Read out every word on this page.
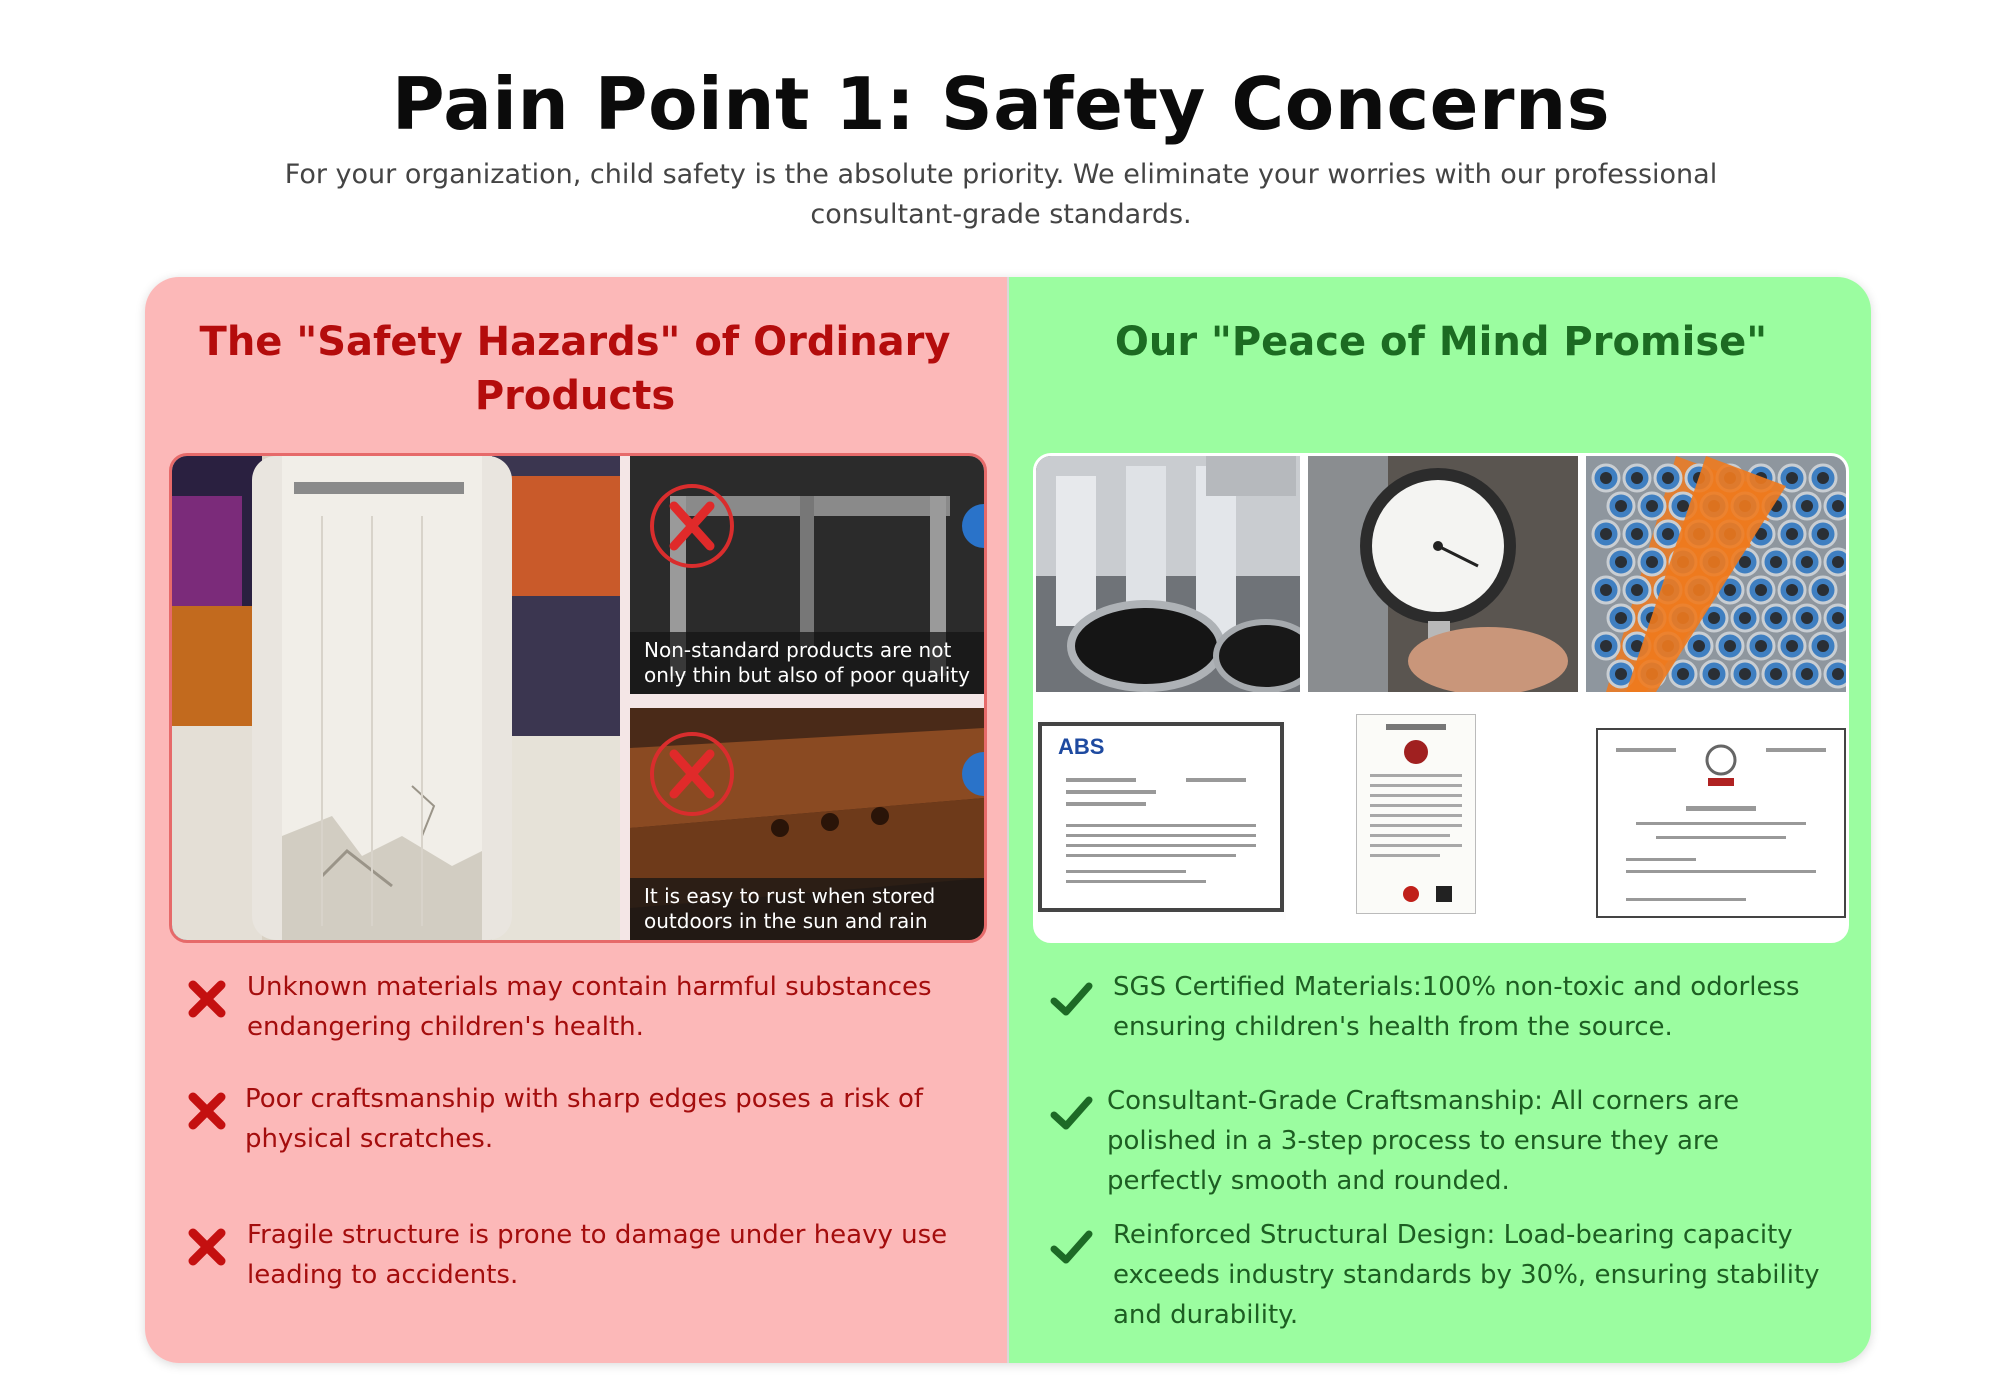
Pain Point 1: Safety Concerns
For your organization, child safety is the absolute priority. We eliminate your worries with our professional consultant-grade standards.
The "Safety Hazards" of Ordinary Products
Non-standard products are not only thin but also of poor quality
It is easy to rust when stored outdoors in the sun and rain
Unknown materials may contain harmful substances endangering children's health.
Poor craftsmanship with sharp edges poses a risk of physical scratches.
Fragile structure is prone to damage under heavy use leading to accidents.
Our "Peace of Mind Promise"
ABS
SGS Certified Materials:100% non-toxic and odorless ensuring children's health from the source.
Consultant-Grade Craftsmanship: All corners are polished in a 3-step process to ensure they are perfectly smooth and rounded.
Reinforced Structural Design: Load-bearing capacity exceeds industry standards by 30%, ensuring stability and durability.
